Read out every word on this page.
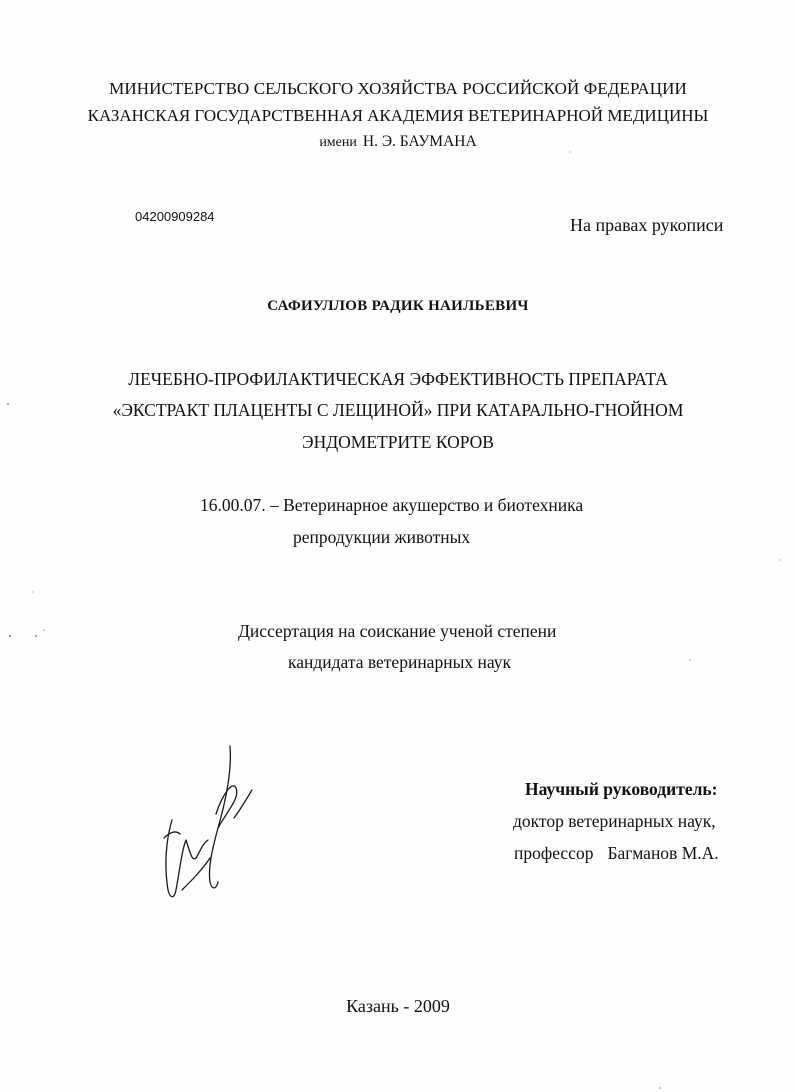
МИНИСТЕРСТВО СЕЛЬСКОГО ХОЗЯЙСТВА РОССИЙСКОЙ ФЕДЕРАЦИИ
КАЗАНСКАЯ ГОСУДАРСТВЕННАЯ АКАДЕМИЯ ВЕТЕРИНАРНОЙ МЕДИЦИНЫ
имени Н. Э. БАУМАНА
04200909284	На правах рукописи
САФИУЛЛОВ РАДИК НАИЛЬЕВИЧ
ЛЕЧЕБНО-ПРОФИЛАКТИЧЕСКАЯ ЭФФЕКТИВНОСТЬ ПРЕПАРАТА
«ЭКСТРАКТ ПЛАЦЕНТЫ С ЛЕЩИНОЙ» ПРИ КАТАРАЛЬНО-ГНОЙНОМ
ЭНДОМЕТРИТЕ КОРОВ
16.00.07. – Ветеринарное акушерство и биотехника
репродукции животных
Диссертация на соискание ученой степени
кандидата ветеринарных наук
Научный руководитель:
доктор ветеринарных наук,
профессор Багманов М.А.
Казань - 2009
